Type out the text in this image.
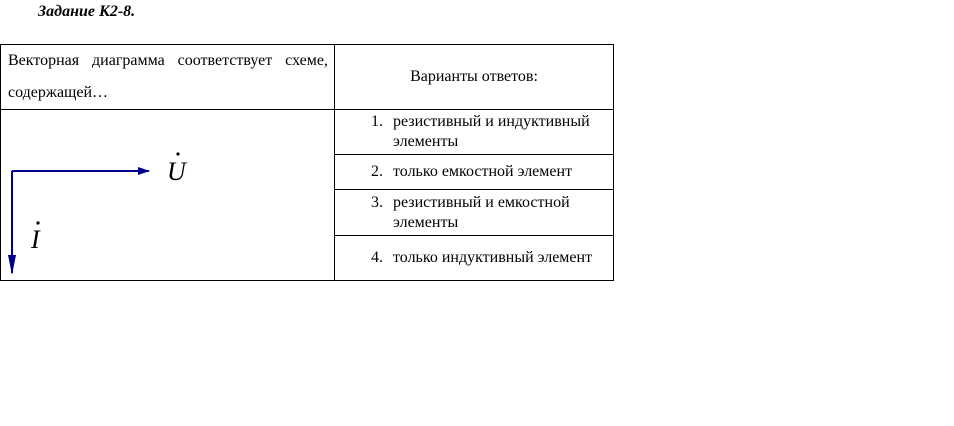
Задание К2-8.
Векторная диаграмма соответствует схеме, содержащей…	Варианты ответов:

U
I	1. резистивный и индуктивный элементы

	2. только емкостной элемент

	3. резистивный и емкостной элементы

	4. только индуктивный элемент
